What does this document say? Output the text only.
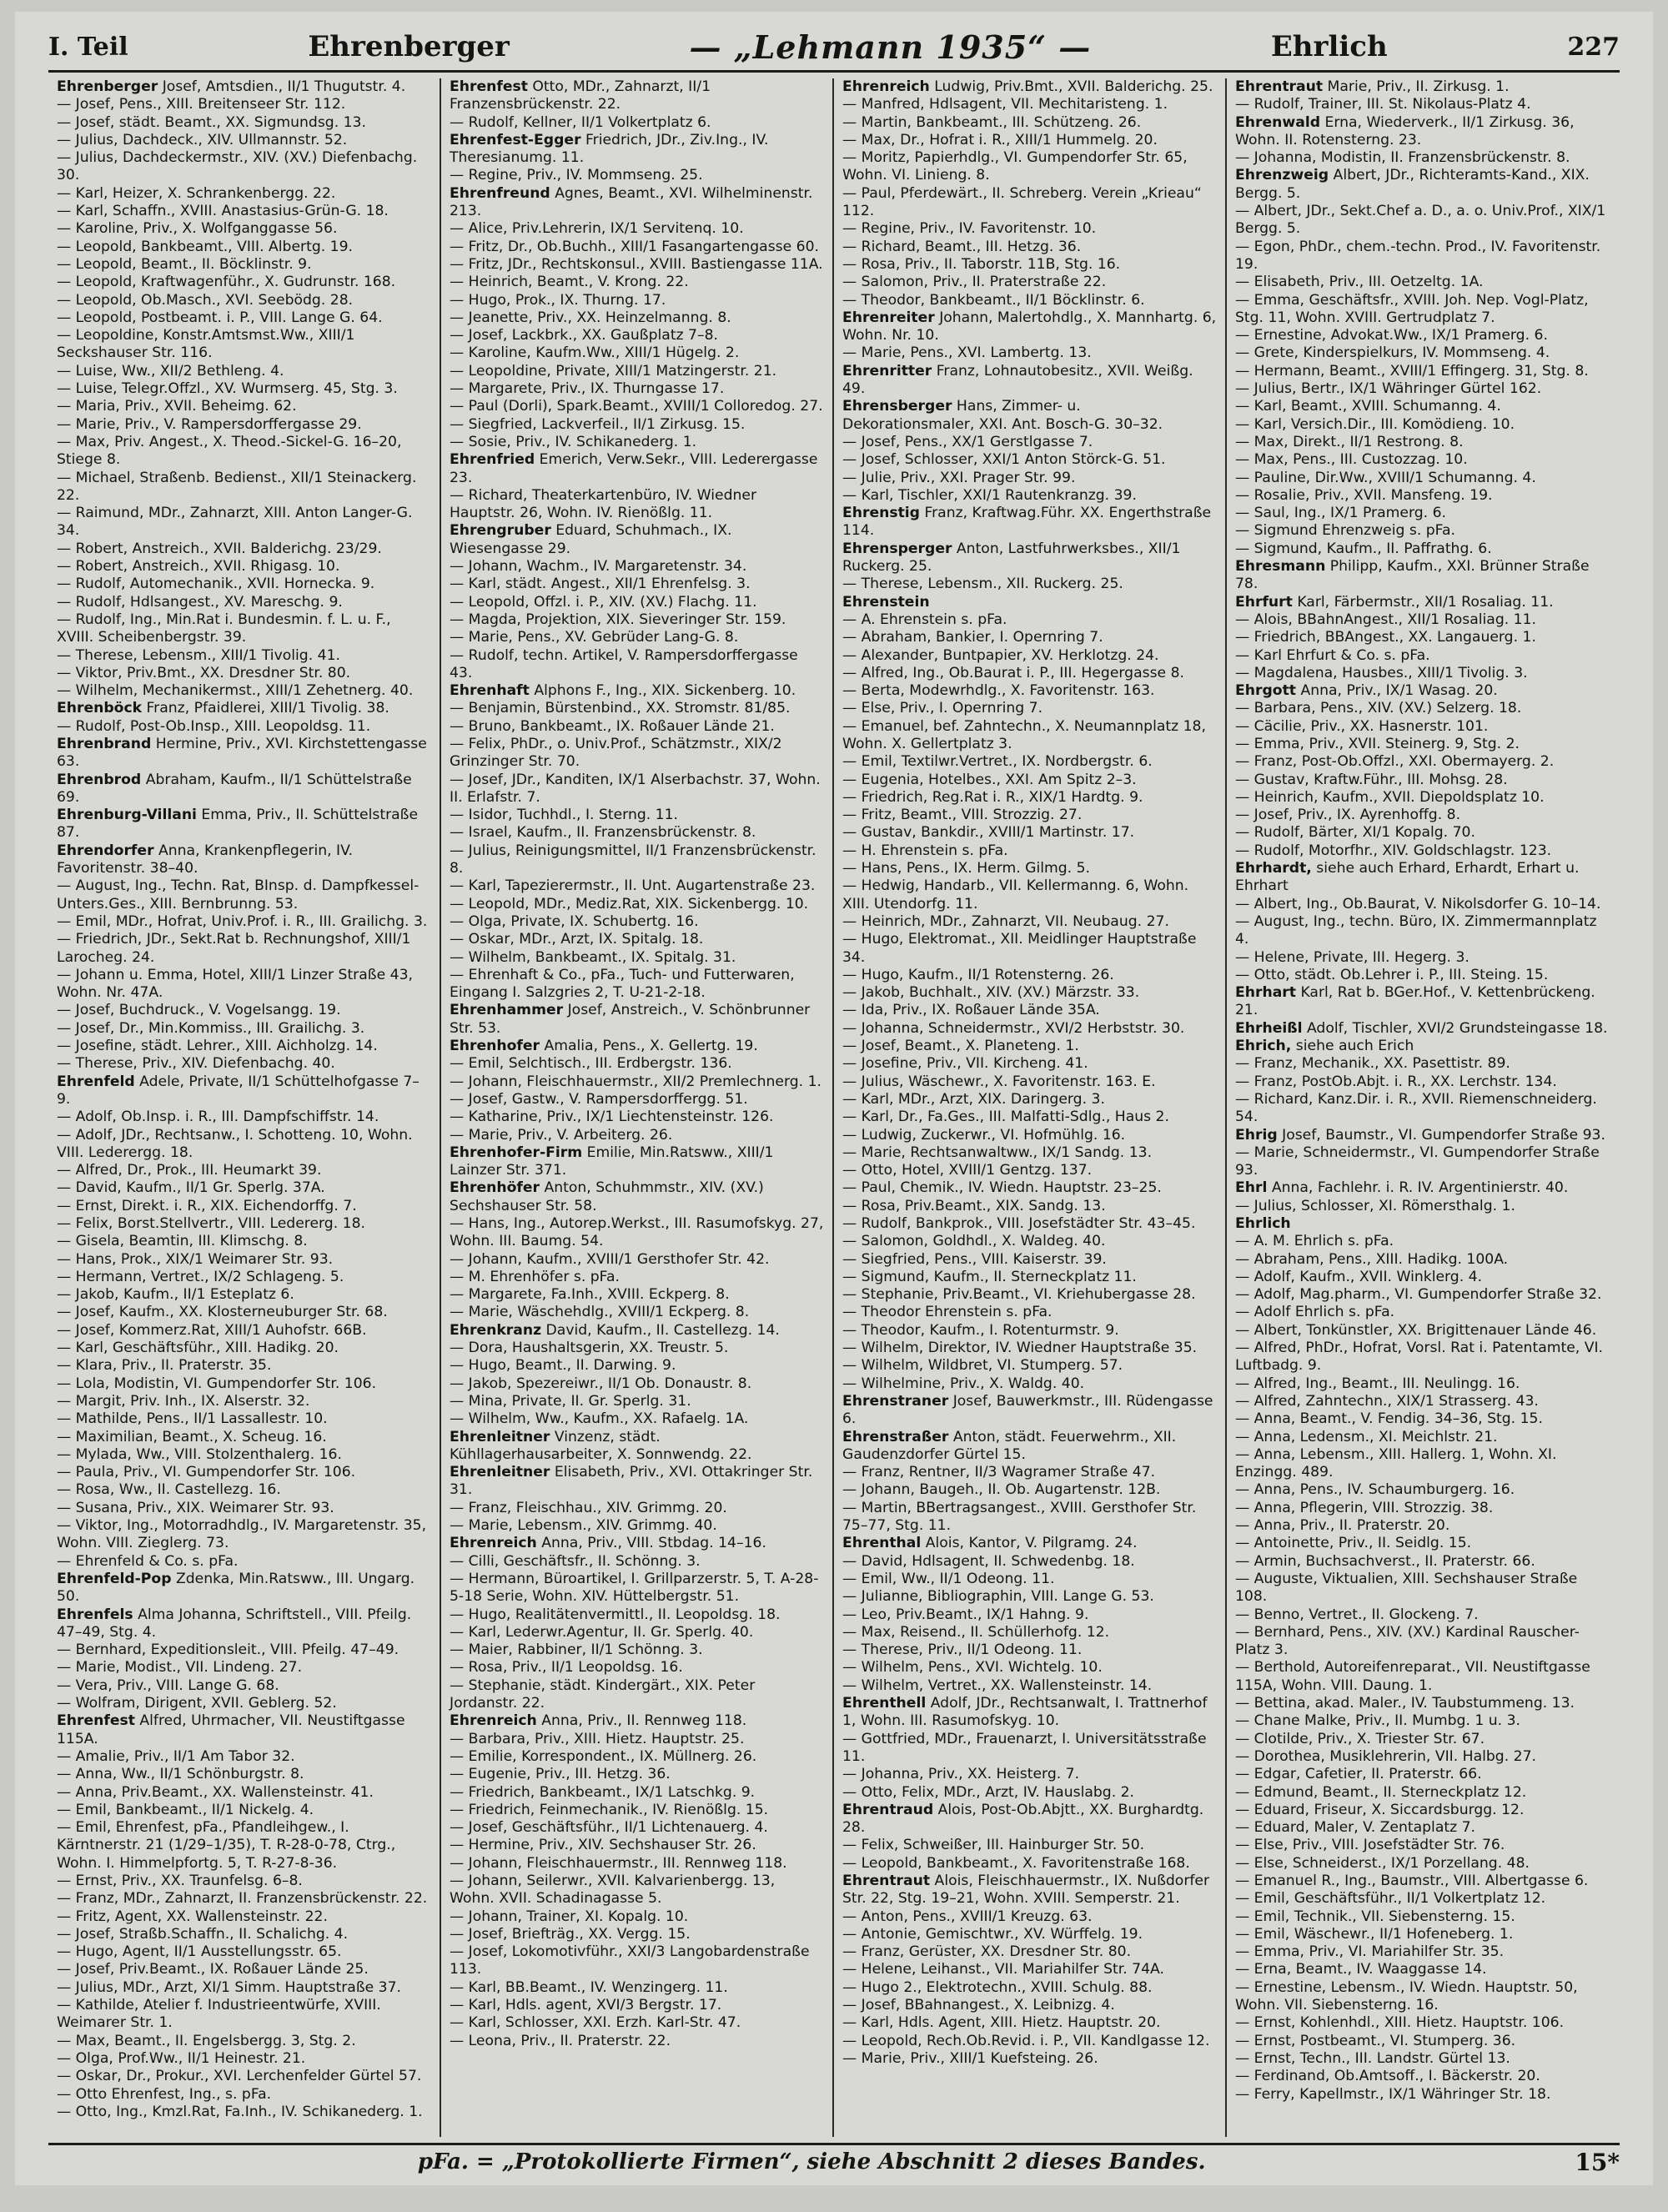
I. Teil	Ehrenberger	— „Lehmann 1935“ —	Ehrlich	227

Ehrenberger Josef, Amtsdien., II/1 Thugutstr. 4.

— Josef, Pens., XIII. Breitenseer Str. 112.

— Josef, städt. Beamt., XX. Sigmundsg. 13.

— Julius, Dachdeck., XIV. Ullmannstr. 52.

— Julius, Dachdeckermstr., XIV. (XV.) Diefenbachg. 30.

— Karl, Heizer, X. Schrankenbergg. 22.

— Karl, Schaffn., XVIII. Anastasius-Grün-G. 18.

— Karoline, Priv., X. Wolfganggasse 56.

— Leopold, Bankbeamt., VIII. Albertg. 19.

— Leopold, Beamt., II. Böcklinstr. 9.

— Leopold, Kraftwagenführ., X. Gudrunstr. 168.

— Leopold, Ob.Masch., XVI. Seebödg. 28.

— Leopold, Postbeamt. i. P., VIII. Lange G. 64.

— Leopoldine, Konstr.Amtsmst.Ww., XIII/1 Seckshauser Str. 116.

— Luise, Ww., XII/2 Bethleng. 4.

— Luise, Telegr.Offzl., XV. Wurmserg. 45, Stg. 3.

— Maria, Priv., XVII. Beheimg. 62.

— Marie, Priv., V. Rampersdorffergasse 29.

— Max, Priv. Angest., X. Theod.-Sickel-G. 16–20, Stiege 8.

— Michael, Straßenb. Bedienst., XII/1 Steinackerg. 22.

— Raimund, MDr., Zahnarzt, XIII. Anton Langer-G. 34.

— Robert, Anstreich., XVII. Balderichg. 23/29.

— Robert, Anstreich., XVII. Rhigasg. 10.

— Rudolf, Automechanik., XVII. Hornecka. 9.

— Rudolf, Hdlsangest., XV. Mareschg. 9.

— Rudolf, Ing., Min.Rat i. Bundesmin. f. L. u. F., XVIII. Scheibenbergstr. 39.

— Therese, Lebensm., XIII/1 Tivolig. 41.

— Viktor, Priv.Bmt., XX. Dresdner Str. 80.

— Wilhelm, Mechanikermst., XIII/1 Zehetnerg. 40.

Ehrenböck Franz, Pfaidlerei, XIII/1 Tivolig. 38.

— Rudolf, Post-Ob.Insp., XIII. Leopoldsg. 11.

Ehrenbrand Hermine, Priv., XVI. Kirchstettengasse 63.

Ehrenbrod Abraham, Kaufm., II/1 Schüttelstraße 69.

Ehrenburg-Villani Emma, Priv., II. Schüttelstraße 87.

Ehrendorfer Anna, Krankenpflegerin, IV. Favoritenstr. 38–40.

— August, Ing., Techn. Rat, BInsp. d. Dampfkessel-Unters.Ges., XIII. Bernbrunng. 53.

— Emil, MDr., Hofrat, Univ.Prof. i. R., III. Grailichg. 3.

— Friedrich, JDr., Sekt.Rat b. Rechnungshof, XIII/1 Larocheg. 24.

— Johann u. Emma, Hotel, XIII/1 Linzer Straße 43, Wohn. Nr. 47A.

— Josef, Buchdruck., V. Vogelsangg. 19.

— Josef, Dr., Min.Kommiss., III. Grailichg. 3.

— Josefine, städt. Lehrer., XIII. Aichholzg. 14.

— Therese, Priv., XIV. Diefenbachg. 40.

Ehrenfeld Adele, Private, II/1 Schüttelhofgasse 7–9.

— Adolf, Ob.Insp. i. R., III. Dampfschiffstr. 14.

— Adolf, JDr., Rechtsanw., I. Schotteng. 10, Wohn. VIII. Lederergg. 18.

— Alfred, Dr., Prok., III. Heumarkt 39.

— David, Kaufm., II/1 Gr. Sperlg. 37A.

— Ernst, Direkt. i. R., XIX. Eichendorffg. 7.

— Felix, Borst.Stellvertr., VIII. Ledererg. 18.

— Gisela, Beamtin, III. Klimschg. 8.

— Hans, Prok., XIX/1 Weimarer Str. 93.

— Hermann, Vertret., IX/2 Schlageng. 5.

— Jakob, Kaufm., II/1 Esteplatz 6.

— Josef, Kaufm., XX. Klosterneuburger Str. 68.

— Josef, Kommerz.Rat, XIII/1 Auhofstr. 66B.

— Karl, Geschäftsführ., XIII. Hadikg. 20.

— Klara, Priv., II. Praterstr. 35.

— Lola, Modistin, VI. Gumpendorfer Str. 106.

— Margit, Priv. Inh., IX. Alserstr. 32.

— Mathilde, Pens., II/1 Lassallestr. 10.

— Maximilian, Beamt., X. Scheug. 16.

— Mylada, Ww., VIII. Stolzenthalerg. 16.

— Paula, Priv., VI. Gumpendorfer Str. 106.

— Rosa, Ww., II. Castellezg. 16.

— Susana, Priv., XIX. Weimarer Str. 93.

— Viktor, Ing., Motorradhdlg., IV. Margaretenstr. 35, Wohn. VIII. Zieglerg. 73.

— Ehrenfeld & Co. s. pFa.

Ehrenfeld-Pop Zdenka, Min.Ratsww., III. Ungarg. 50.

Ehrenfels Alma Johanna, Schriftstell., VIII. Pfeilg. 47–49, Stg. 4.

— Bernhard, Expeditionsleit., VIII. Pfeilg. 47–49.

— Marie, Modist., VII. Lindeng. 27.

— Vera, Priv., VIII. Lange G. 68.

— Wolfram, Dirigent, XVII. Geblerg. 52.

Ehrenfest Alfred, Uhrmacher, VII. Neustiftgasse 115A.

— Amalie, Priv., II/1 Am Tabor 32.

— Anna, Ww., II/1 Schönburgstr. 8.

— Anna, Priv.Beamt., XX. Wallensteinstr. 41.

— Emil, Bankbeamt., II/1 Nickelg. 4.

— Emil, Ehrenfest, pFa., Pfandleihgew., I. Kärntnerstr. 21 (1/29–1/35), T. R-28-0-78, Ctrg., Wohn. I. Himmelpfortg. 5, T. R-27-8-36.

— Ernst, Priv., XX. Traunfelsg. 6–8.

— Franz, MDr., Zahnarzt, II. Franzensbrückenstr. 22.

— Fritz, Agent, XX. Wallensteinstr. 22.

— Josef, Straßb.Schaffn., II. Schalichg. 4.

— Hugo, Agent, II/1 Ausstellungsstr. 65.

— Josef, Priv.Beamt., IX. Roßauer Lände 25.

— Julius, MDr., Arzt, XI/1 Simm. Hauptstraße 37.

— Kathilde, Atelier f. Industrieentwürfe, XVIII. Weimarer Str. 1.

— Max, Beamt., II. Engelsbergg. 3, Stg. 2.

— Olga, Prof.Ww., II/1 Heinestr. 21.

— Oskar, Dr., Prokur., XVI. Lerchenfelder Gürtel 57.

— Otto Ehrenfest, Ing., s. pFa.

— Otto, Ing., Kmzl.Rat, Fa.Inh., IV. Schikanederg. 1.

Ehrenfest Otto, MDr., Zahnarzt, II/1 Franzensbrückenstr. 22.

— Rudolf, Kellner, II/1 Volkertplatz 6.

Ehrenfest-Egger Friedrich, JDr., Ziv.Ing., IV. Theresianumg. 11.

— Regine, Priv., IV. Mommseng. 25.

Ehrenfreund Agnes, Beamt., XVI. Wilhelminenstr. 213.

— Alice, Priv.Lehrerin, IX/1 Servitenq. 10.

— Fritz, Dr., Ob.Buchh., XIII/1 Fasangartengasse 60.

— Fritz, JDr., Rechtskonsul., XVIII. Bastiengasse 11A.

— Heinrich, Beamt., V. Krong. 22.

— Hugo, Prok., IX. Thurng. 17.

— Jeanette, Priv., XX. Heinzelmanng. 8.

— Josef, Lackbrk., XX. Gaußplatz 7–8.

— Karoline, Kaufm.Ww., XIII/1 Hügelg. 2.

— Leopoldine, Private, XIII/1 Matzingerstr. 21.

— Margarete, Priv., IX. Thurngasse 17.

— Paul (Dorli), Spark.Beamt., XVIII/1 Colloredog. 27.

— Siegfried, Lackverfeil., II/1 Zirkusg. 15.

— Sosie, Priv., IV. Schikanederg. 1.

Ehrenfried Emerich, Verw.Sekr., VIII. Lederergasse 23.

— Richard, Theaterkartenbüro, IV. Wiedner Hauptstr. 26, Wohn. IV. Rienößlg. 11.

Ehrengruber Eduard, Schuhmach., IX. Wiesengasse 29.

— Johann, Wachm., IV. Margaretenstr. 34.

— Karl, städt. Angest., XII/1 Ehrenfelsg. 3.

— Leopold, Offzl. i. P., XIV. (XV.) Flachg. 11.

— Magda, Projektion, XIX. Sieveringer Str. 159.

— Marie, Pens., XV. Gebrüder Lang-G. 8.

— Rudolf, techn. Artikel, V. Rampersdorffergasse 43.

Ehrenhaft Alphons F., Ing., XIX. Sickenberg. 10.

— Benjamin, Bürstenbind., XX. Stromstr. 81/85.

— Bruno, Bankbeamt., IX. Roßauer Lände 21.

— Felix, PhDr., o. Univ.Prof., Schätzmstr., XIX/2 Grinzinger Str. 70.

— Josef, JDr., Kanditen, IX/1 Alserbachstr. 37, Wohn. II. Erlafstr. 7.

— Isidor, Tuchhdl., I. Sterng. 11.

— Israel, Kaufm., II. Franzensbrückenstr. 8.

— Julius, Reinigungsmittel, II/1 Franzensbrückenstr. 8.

— Karl, Tapezierermstr., II. Unt. Augartenstraße 23.

— Leopold, MDr., Mediz.Rat, XIX. Sickenbergg. 10.

— Olga, Private, IX. Schubertg. 16.

— Oskar, MDr., Arzt, IX. Spitalg. 18.

— Wilhelm, Bankbeamt., IX. Spitalg. 31.

— Ehrenhaft & Co., pFa., Tuch- und Futterwaren, Eingang I. Salzgries 2, T. U-21-2-18.

Ehrenhammer Josef, Anstreich., V. Schönbrunner Str. 53.

Ehrenhofer Amalia, Pens., X. Gellertg. 19.

— Emil, Selchtisch., III. Erdbergstr. 136.

— Johann, Fleischhauermstr., XII/2 Premlechnerg. 1.

— Josef, Gastw., V. Rampersdorffergg. 51.

— Katharine, Priv., IX/1 Liechtensteinstr. 126.

— Marie, Priv., V. Arbeiterg. 26.

Ehrenhofer-Firm Emilie, Min.Ratsww., XIII/1 Lainzer Str. 371.

Ehrenhöfer Anton, Schuhmmstr., XIV. (XV.) Sechshauser Str. 58.

— Hans, Ing., Autorep.Werkst., III. Rasumofskyg. 27, Wohn. III. Baumg. 54.

— Johann, Kaufm., XVIII/1 Gersthofer Str. 42.

— M. Ehrenhöfer s. pFa.

— Margarete, Fa.Inh., XVIII. Eckperg. 8.

— Marie, Wäschehdlg., XVIII/1 Eckperg. 8.

Ehrenkranz David, Kaufm., II. Castellezg. 14.

— Dora, Haushaltsgerin, XX. Treustr. 5.

— Hugo, Beamt., II. Darwing. 9.

— Jakob, Spezereiwr., II/1 Ob. Donaustr. 8.

— Mina, Private, II. Gr. Sperlg. 31.

— Wilhelm, Ww., Kaufm., XX. Rafaelg. 1A.

Ehrenleitner Vinzenz, städt. Kühllagerhausarbeiter, X. Sonnwendg. 22.

Ehrenleitner Elisabeth, Priv., XVI. Ottakringer Str. 31.

— Franz, Fleischhau., XIV. Grimmg. 20.

— Marie, Lebensm., XIV. Grimmg. 40.

Ehrenreich Anna, Priv., VIII. Stbdag. 14–16.

— Cilli, Geschäftsfr., II. Schönng. 3.

— Hermann, Büroartikel, I. Grillparzerstr. 5, T. A-28-5-18 Serie, Wohn. XIV. Hüttelbergstr. 51.

— Hugo, Realitätenvermittl., II. Leopoldsg. 18.

— Karl, Lederwr.Agentur, II. Gr. Sperlg. 40.

— Maier, Rabbiner, II/1 Schönng. 3.

— Rosa, Priv., II/1 Leopoldsg. 16.

— Stephanie, städt. Kindergärt., XIX. Peter Jordanstr. 22.

Ehrenreich Anna, Priv., II. Rennweg 118.

— Barbara, Priv., XIII. Hietz. Hauptstr. 25.

— Emilie, Korrespondent., IX. Müllnerg. 26.

— Eugenie, Priv., III. Hetzg. 36.

— Friedrich, Bankbeamt., IX/1 Latschkg. 9.

— Friedrich, Feinmechanik., IV. Rienößlg. 15.

— Josef, Geschäftsführ., II/1 Lichtenauerg. 4.

— Hermine, Priv., XIV. Sechshauser Str. 26.

— Johann, Fleischhauermstr., III. Rennweg 118.

— Johann, Seilerwr., XVII. Kalvarienbergg. 13, Wohn. XVII. Schadinagasse 5.

— Johann, Trainer, XI. Kopalg. 10.

— Josef, Briefträg., XX. Vergg. 15.

— Josef, Lokomotivführ., XXI/3 Langobardenstraße 113.

— Karl, BB.Beamt., IV. Wenzingerg. 11.

— Karl, Hdls. agent, XVI/3 Bergstr. 17.

— Karl, Schlosser, XXI. Erzh. Karl-Str. 47.

— Leona, Priv., II. Praterstr. 22.

Ehrenreich Ludwig, Priv.Bmt., XVII. Balderichg. 25.

— Manfred, Hdlsagent, VII. Mechitaristeng. 1.

— Martin, Bankbeamt., III. Schützeng. 26.

— Max, Dr., Hofrat i. R., XIII/1 Hummelg. 20.

— Moritz, Papierhdlg., VI. Gumpendorfer Str. 65, Wohn. VI. Linieng. 8.

— Paul, Pferdewärt., II. Schreberg. Verein „Krieau“ 112.

— Regine, Priv., IV. Favoritenstr. 10.

— Richard, Beamt., III. Hetzg. 36.

— Rosa, Priv., II. Taborstr. 11B, Stg. 16.

— Salomon, Priv., II. Praterstraße 22.

— Theodor, Bankbeamt., II/1 Böcklinstr. 6.

Ehrenreiter Johann, Malertohdlg., X. Mannhartg. 6, Wohn. Nr. 10.

— Marie, Pens., XVI. Lambertg. 13.

Ehrenritter Franz, Lohnautobesitz., XVII. Weißg. 49.

Ehrensberger Hans, Zimmer- u. Dekorationsmaler, XXI. Ant. Bosch-G. 30–32.

— Josef, Pens., XX/1 Gerstlgasse 7.

— Josef, Schlosser, XXI/1 Anton Störck-G. 51.

— Julie, Priv., XXI. Prager Str. 99.

— Karl, Tischler, XXI/1 Rautenkranzg. 39.

Ehrenstig Franz, Kraftwag.Führ. XX. Engerthstraße 114.

Ehrensperger Anton, Lastfuhrwerksbes., XII/1 Ruckerg. 25.

— Therese, Lebensm., XII. Ruckerg. 25.

Ehrenstein

— A. Ehrenstein s. pFa.

— Abraham, Bankier, I. Opernring 7.

— Alexander, Buntpapier, XV. Herklotzg. 24.

— Alfred, Ing., Ob.Baurat i. P., III. Hegergasse 8.

— Berta, Modewrhdlg., X. Favoritenstr. 163.

— Else, Priv., I. Opernring 7.

— Emanuel, bef. Zahntechn., X. Neumannplatz 18, Wohn. X. Gellertplatz 3.

— Emil, Textilwr.Vertret., IX. Nordbergstr. 6.

— Eugenia, Hotelbes., XXI. Am Spitz 2–3.

— Friedrich, Reg.Rat i. R., XIX/1 Hardtg. 9.

— Fritz, Beamt., VIII. Strozzig. 27.

— Gustav, Bankdir., XVIII/1 Martinstr. 17.

— H. Ehrenstein s. pFa.

— Hans, Pens., IX. Herm. Gilmg. 5.

— Hedwig, Handarb., VII. Kellermanng. 6, Wohn. XIII. Utendorfg. 11.

— Heinrich, MDr., Zahnarzt, VII. Neubaug. 27.

— Hugo, Elektromat., XII. Meidlinger Hauptstraße 34.

— Hugo, Kaufm., II/1 Rotensterng. 26.

— Jakob, Buchhalt., XIV. (XV.) Märzstr. 33.

— Ida, Priv., IX. Roßauer Lände 35A.

— Johanna, Schneidermstr., XVI/2 Herbststr. 30.

— Josef, Beamt., X. Planeteng. 1.

— Josefine, Priv., VII. Kircheng. 41.

— Julius, Wäschewr., X. Favoritenstr. 163. E.

— Karl, MDr., Arzt, XIX. Daringerg. 3.

— Karl, Dr., Fa.Ges., III. Malfatti-Sdlg., Haus 2.

— Ludwig, Zuckerwr., VI. Hofmühlg. 16.

— Marie, Rechtsanwaltww., IX/1 Sandg. 13.

— Otto, Hotel, XVIII/1 Gentzg. 137.

— Paul, Chemik., IV. Wiedn. Hauptstr. 23–25.

— Rosa, Priv.Beamt., XIX. Sandg. 13.

— Rudolf, Bankprok., VIII. Josefstädter Str. 43–45.

— Salomon, Goldhdl., X. Waldeg. 40.

— Siegfried, Pens., VIII. Kaiserstr. 39.

— Sigmund, Kaufm., II. Sterneckplatz 11.

— Stephanie, Priv.Beamt., VI. Kriehubergasse 28.

— Theodor Ehrenstein s. pFa.

— Theodor, Kaufm., I. Rotenturmstr. 9.

— Wilhelm, Direktor, IV. Wiedner Hauptstraße 35.

— Wilhelm, Wildbret, VI. Stumperg. 57.

— Wilhelmine, Priv., X. Waldg. 40.

Ehrenstraner Josef, Bauwerkmstr., III. Rüdengasse 6.

Ehrenstraßer Anton, städt. Feuerwehrm., XII. Gaudenzdorfer Gürtel 15.

— Franz, Rentner, II/3 Wagramer Straße 47.

— Johann, Baugeh., II. Ob. Augartenstr. 12B.

— Martin, BBertragsangest., XVIII. Gersthofer Str. 75–77, Stg. 11.

Ehrenthal Alois, Kantor, V. Pilgramg. 24.

— David, Hdlsagent, II. Schwedenbg. 18.

— Emil, Ww., II/1 Odeong. 11.

— Julianne, Bibliographin, VIII. Lange G. 53.

— Leo, Priv.Beamt., IX/1 Hahng. 9.

— Max, Reisend., II. Schüllerhofg. 12.

— Therese, Priv., II/1 Odeong. 11.

— Wilhelm, Pens., XVI. Wichtelg. 10.

— Wilhelm, Vertret., XX. Wallensteinstr. 14.

Ehrenthell Adolf, JDr., Rechtsanwalt, I. Trattnerhof 1, Wohn. III. Rasumofskyg. 10.

— Gottfried, MDr., Frauenarzt, I. Universitätsstraße 11.

— Johanna, Priv., XX. Heisterg. 7.

— Otto, Felix, MDr., Arzt, IV. Hauslabg. 2.

Ehrentraud Alois, Post-Ob.Abjtt., XX. Burghardtg. 28.

— Felix, Schweißer, III. Hainburger Str. 50.

— Leopold, Bankbeamt., X. Favoritenstraße 168.

Ehrentraut Alois, Fleischhauermstr., IX. Nußdorfer Str. 22, Stg. 19–21, Wohn. XVIII. Semperstr. 21.

— Anton, Pens., XVIII/1 Kreuzg. 63.

— Antonie, Gemischtwr., XV. Würffelg. 19.

— Franz, Gerüster, XX. Dresdner Str. 80.

— Helene, Leihanst., VII. Mariahilfer Str. 74A.

— Hugo 2., Elektrotechn., XVIII. Schulg. 88.

— Josef, BBahnangest., X. Leibnizg. 4.

— Karl, Hdls. Agent, XIII. Hietz. Hauptstr. 20.

— Leopold, Rech.Ob.Revid. i. P., VII. Kandlgasse 12.

— Marie, Priv., XIII/1 Kuefsteing. 26.

Ehrentraut Marie, Priv., II. Zirkusg. 1.

— Rudolf, Trainer, III. St. Nikolaus-Platz 4.

Ehrenwald Erna, Wiederverk., II/1 Zirkusg. 36, Wohn. II. Rotensterng. 23.

— Johanna, Modistin, II. Franzensbrückenstr. 8.

Ehrenzweig Albert, JDr., Richteramts-Kand., XIX. Bergg. 5.

— Albert, JDr., Sekt.Chef a. D., a. o. Univ.Prof., XIX/1 Bergg. 5.

— Egon, PhDr., chem.-techn. Prod., IV. Favoritenstr. 19.

— Elisabeth, Priv., III. Oetzeltg. 1A.

— Emma, Geschäftsfr., XVIII. Joh. Nep. Vogl-Platz, Stg. 11, Wohn. XVIII. Gertrudplatz 7.

— Ernestine, Advokat.Ww., IX/1 Pramerg. 6.

— Grete, Kinderspielkurs, IV. Mommseng. 4.

— Hermann, Beamt., XVIII/1 Effingerg. 31, Stg. 8.

— Julius, Bertr., IX/1 Währinger Gürtel 162.

— Karl, Beamt., XVIII. Schumanng. 4.

— Karl, Versich.Dir., III. Komödieng. 10.

— Max, Direkt., II/1 Restrong. 8.

— Max, Pens., III. Custozzag. 10.

— Pauline, Dir.Ww., XVIII/1 Schumanng. 4.

— Rosalie, Priv., XVII. Mansfeng. 19.

— Saul, Ing., IX/1 Pramerg. 6.

— Sigmund Ehrenzweig s. pFa.

— Sigmund, Kaufm., II. Paffrathg. 6.

Ehresmann Philipp, Kaufm., XXI. Brünner Straße 78.

Ehrfurt Karl, Färbermstr., XII/1 Rosaliag. 11.

— Alois, BBahnAngest., XII/1 Rosaliag. 11.

— Friedrich, BBAngest., XX. Langauerg. 1.

— Karl Ehrfurt & Co. s. pFa.

— Magdalena, Hausbes., XIII/1 Tivolig. 3.

Ehrgott Anna, Priv., IX/1 Wasag. 20.

— Barbara, Pens., XIV. (XV.) Selzerg. 18.

— Cäcilie, Priv., XX. Hasnerstr. 101.

— Emma, Priv., XVII. Steinerg. 9, Stg. 2.

— Franz, Post-Ob.Offzl., XXI. Obermayerg. 2.

— Gustav, Kraftw.Führ., III. Mohsg. 28.

— Heinrich, Kaufm., XVII. Diepoldsplatz 10.

— Josef, Priv., IX. Ayrenhoffg. 8.

— Rudolf, Bärter, XI/1 Kopalg. 70.

— Rudolf, Motorfhr., XIV. Goldschlagstr. 123.

Ehrhardt, siehe auch Erhard, Erhardt, Erhart u. Ehrhart

— Albert, Ing., Ob.Baurat, V. Nikolsdorfer G. 10–14.

— August, Ing., techn. Büro, IX. Zimmermannplatz 4.

— Helene, Private, III. Hegerg. 3.

— Otto, städt. Ob.Lehrer i. P., III. Steing. 15.

Ehrhart Karl, Rat b. BGer.Hof., V. Kettenbrückeng. 21.

Ehrheißl Adolf, Tischler, XVI/2 Grundsteingasse 18.

Ehrich, siehe auch Erich

— Franz, Mechanik., XX. Pasettistr. 89.

— Franz, PostOb.Abjt. i. R., XX. Lerchstr. 134.

— Richard, Kanz.Dir. i. R., XVII. Riemenschneiderg. 54.

Ehrig Josef, Baumstr., VI. Gumpendorfer Straße 93.

— Marie, Schneidermstr., VI. Gumpendorfer Straße 93.

Ehrl Anna, Fachlehr. i. R. IV. Argentinierstr. 40.

— Julius, Schlosser, XI. Römersthalg. 1.

Ehrlich

— A. M. Ehrlich s. pFa.

— Abraham, Pens., XIII. Hadikg. 100A.

— Adolf, Kaufm., XVII. Winklerg. 4.

— Adolf, Mag.pharm., VI. Gumpendorfer Straße 32.

— Adolf Ehrlich s. pFa.

— Albert, Tonkünstler, XX. Brigittenauer Lände 46.

— Alfred, PhDr., Hofrat, Vorsl. Rat i. Patentamte, VI. Luftbadg. 9.

— Alfred, Ing., Beamt., III. Neulingg. 16.

— Alfred, Zahntechn., XIX/1 Strasserg. 43.

— Anna, Beamt., V. Fendig. 34–36, Stg. 15.

— Anna, Ledensm., XI. Meichlstr. 21.

— Anna, Lebensm., XIII. Hallerg. 1, Wohn. XI. Enzingg. 489.

— Anna, Pens., IV. Schaumburgerg. 16.

— Anna, Pflegerin, VIII. Strozzig. 38.

— Anna, Priv., II. Praterstr. 20.

— Antoinette, Priv., II. Seidlg. 15.

— Armin, Buchsachverst., II. Praterstr. 66.

— Auguste, Viktualien, XIII. Sechshauser Straße 108.

— Benno, Vertret., II. Glockeng. 7.

— Bernhard, Pens., XIV. (XV.) Kardinal Rauscher-Platz 3.

— Berthold, Autoreifenreparat., VII. Neustiftgasse 115A, Wohn. VIII. Daung. 1.

— Bettina, akad. Maler., IV. Taubstummeng. 13.

— Chane Malke, Priv., II. Mumbg. 1 u. 3.

— Clotilde, Priv., X. Triester Str. 67.

— Dorothea, Musiklehrerin, VII. Halbg. 27.

— Edgar, Cafetier, II. Praterstr. 66.

— Edmund, Beamt., II. Sterneckplatz 12.

— Eduard, Friseur, X. Siccardsburgg. 12.

— Eduard, Maler, V. Zentaplatz 7.

— Else, Priv., VIII. Josefstädter Str. 76.

— Else, Schneiderst., IX/1 Porzellang. 48.

— Emanuel R., Ing., Baumstr., VIII. Albertgasse 6.

— Emil, Geschäftsführ., II/1 Volkertplatz 12.

— Emil, Technik., VII. Siebensterng. 15.

— Emil, Wäschewr., II/1 Hofeneberg. 1.

— Emma, Priv., VI. Mariahilfer Str. 35.

— Erna, Beamt., IV. Waaggasse 14.

— Ernestine, Lebensm., IV. Wiedn. Hauptstr. 50, Wohn. VII. Siebensterng. 16.

— Ernst, Kohlenhdl., XIII. Hietz. Hauptstr. 106.

— Ernst, Postbeamt., VI. Stumperg. 36.

— Ernst, Techn., III. Landstr. Gürtel 13.

— Ferdinand, Ob.Amtsoff., I. Bäckerstr. 20.

— Ferry, Kapellmstr., IX/1 Währinger Str. 18.

pFa. = „Protokollierte Firmen“, siehe Abschnitt 2 dieses Bandes.	15*
